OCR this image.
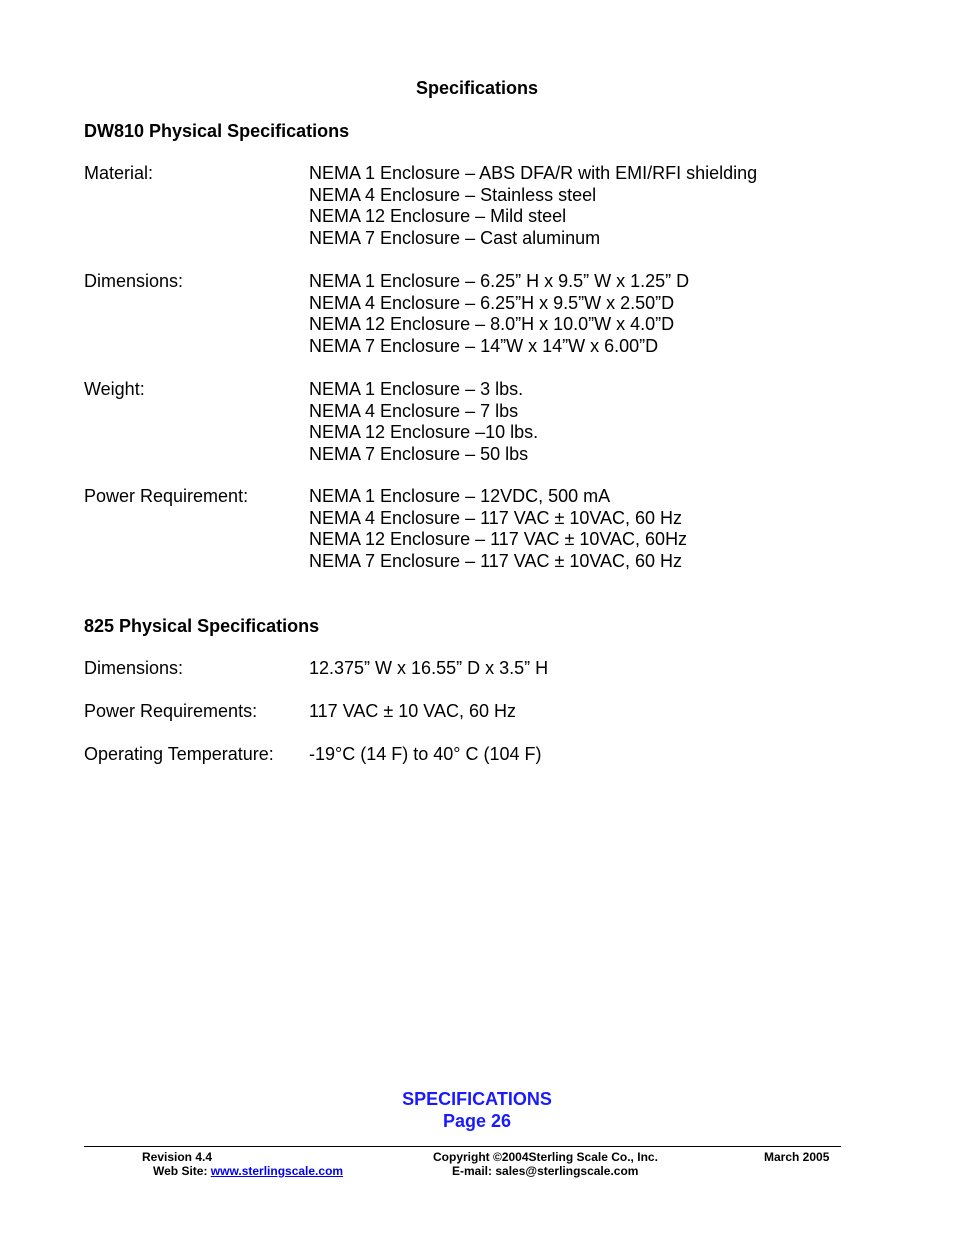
Specifications
DW810 Physical Specifications
Material:	NEMA 1 Enclosure – ABS DFA/R with EMI/RFI shielding
NEMA 4 Enclosure – Stainless steel
NEMA 12 Enclosure – Mild steel
NEMA 7 Enclosure – Cast aluminum
Dimensions:	NEMA 1 Enclosure – 6.25” H x 9.5” W x 1.25” D
NEMA 4 Enclosure – 6.25”H x 9.5”W x 2.50”D
NEMA 12 Enclosure – 8.0”H x 10.0”W x 4.0”D
NEMA 7 Enclosure – 14”W x 14”W x 6.00”D
Weight:	NEMA 1 Enclosure – 3 lbs.
NEMA 4 Enclosure – 7 lbs
NEMA 12 Enclosure –10 lbs.
NEMA 7 Enclosure – 50 lbs
Power Requirement:	NEMA 1 Enclosure – 12VDC, 500 mA
NEMA 4 Enclosure – 117 VAC ± 10VAC, 60 Hz
NEMA 12 Enclosure – 117 VAC ± 10VAC, 60Hz
NEMA 7 Enclosure – 117 VAC ± 10VAC, 60 Hz
825 Physical Specifications
Dimensions:	12.375” W x 16.55” D x 3.5” H
Power Requirements:	117 VAC ± 10 VAC, 60 Hz
Operating Temperature: -19°C (14 F) to 40° C (104 F)
SPECIFICATIONS
Page 26
Revision 4.4	Copyright ©2004Sterling Scale Co., Inc.	March 2005
Web Site: www.sterlingscale.com	E-mail: sales@sterlingscale.com
